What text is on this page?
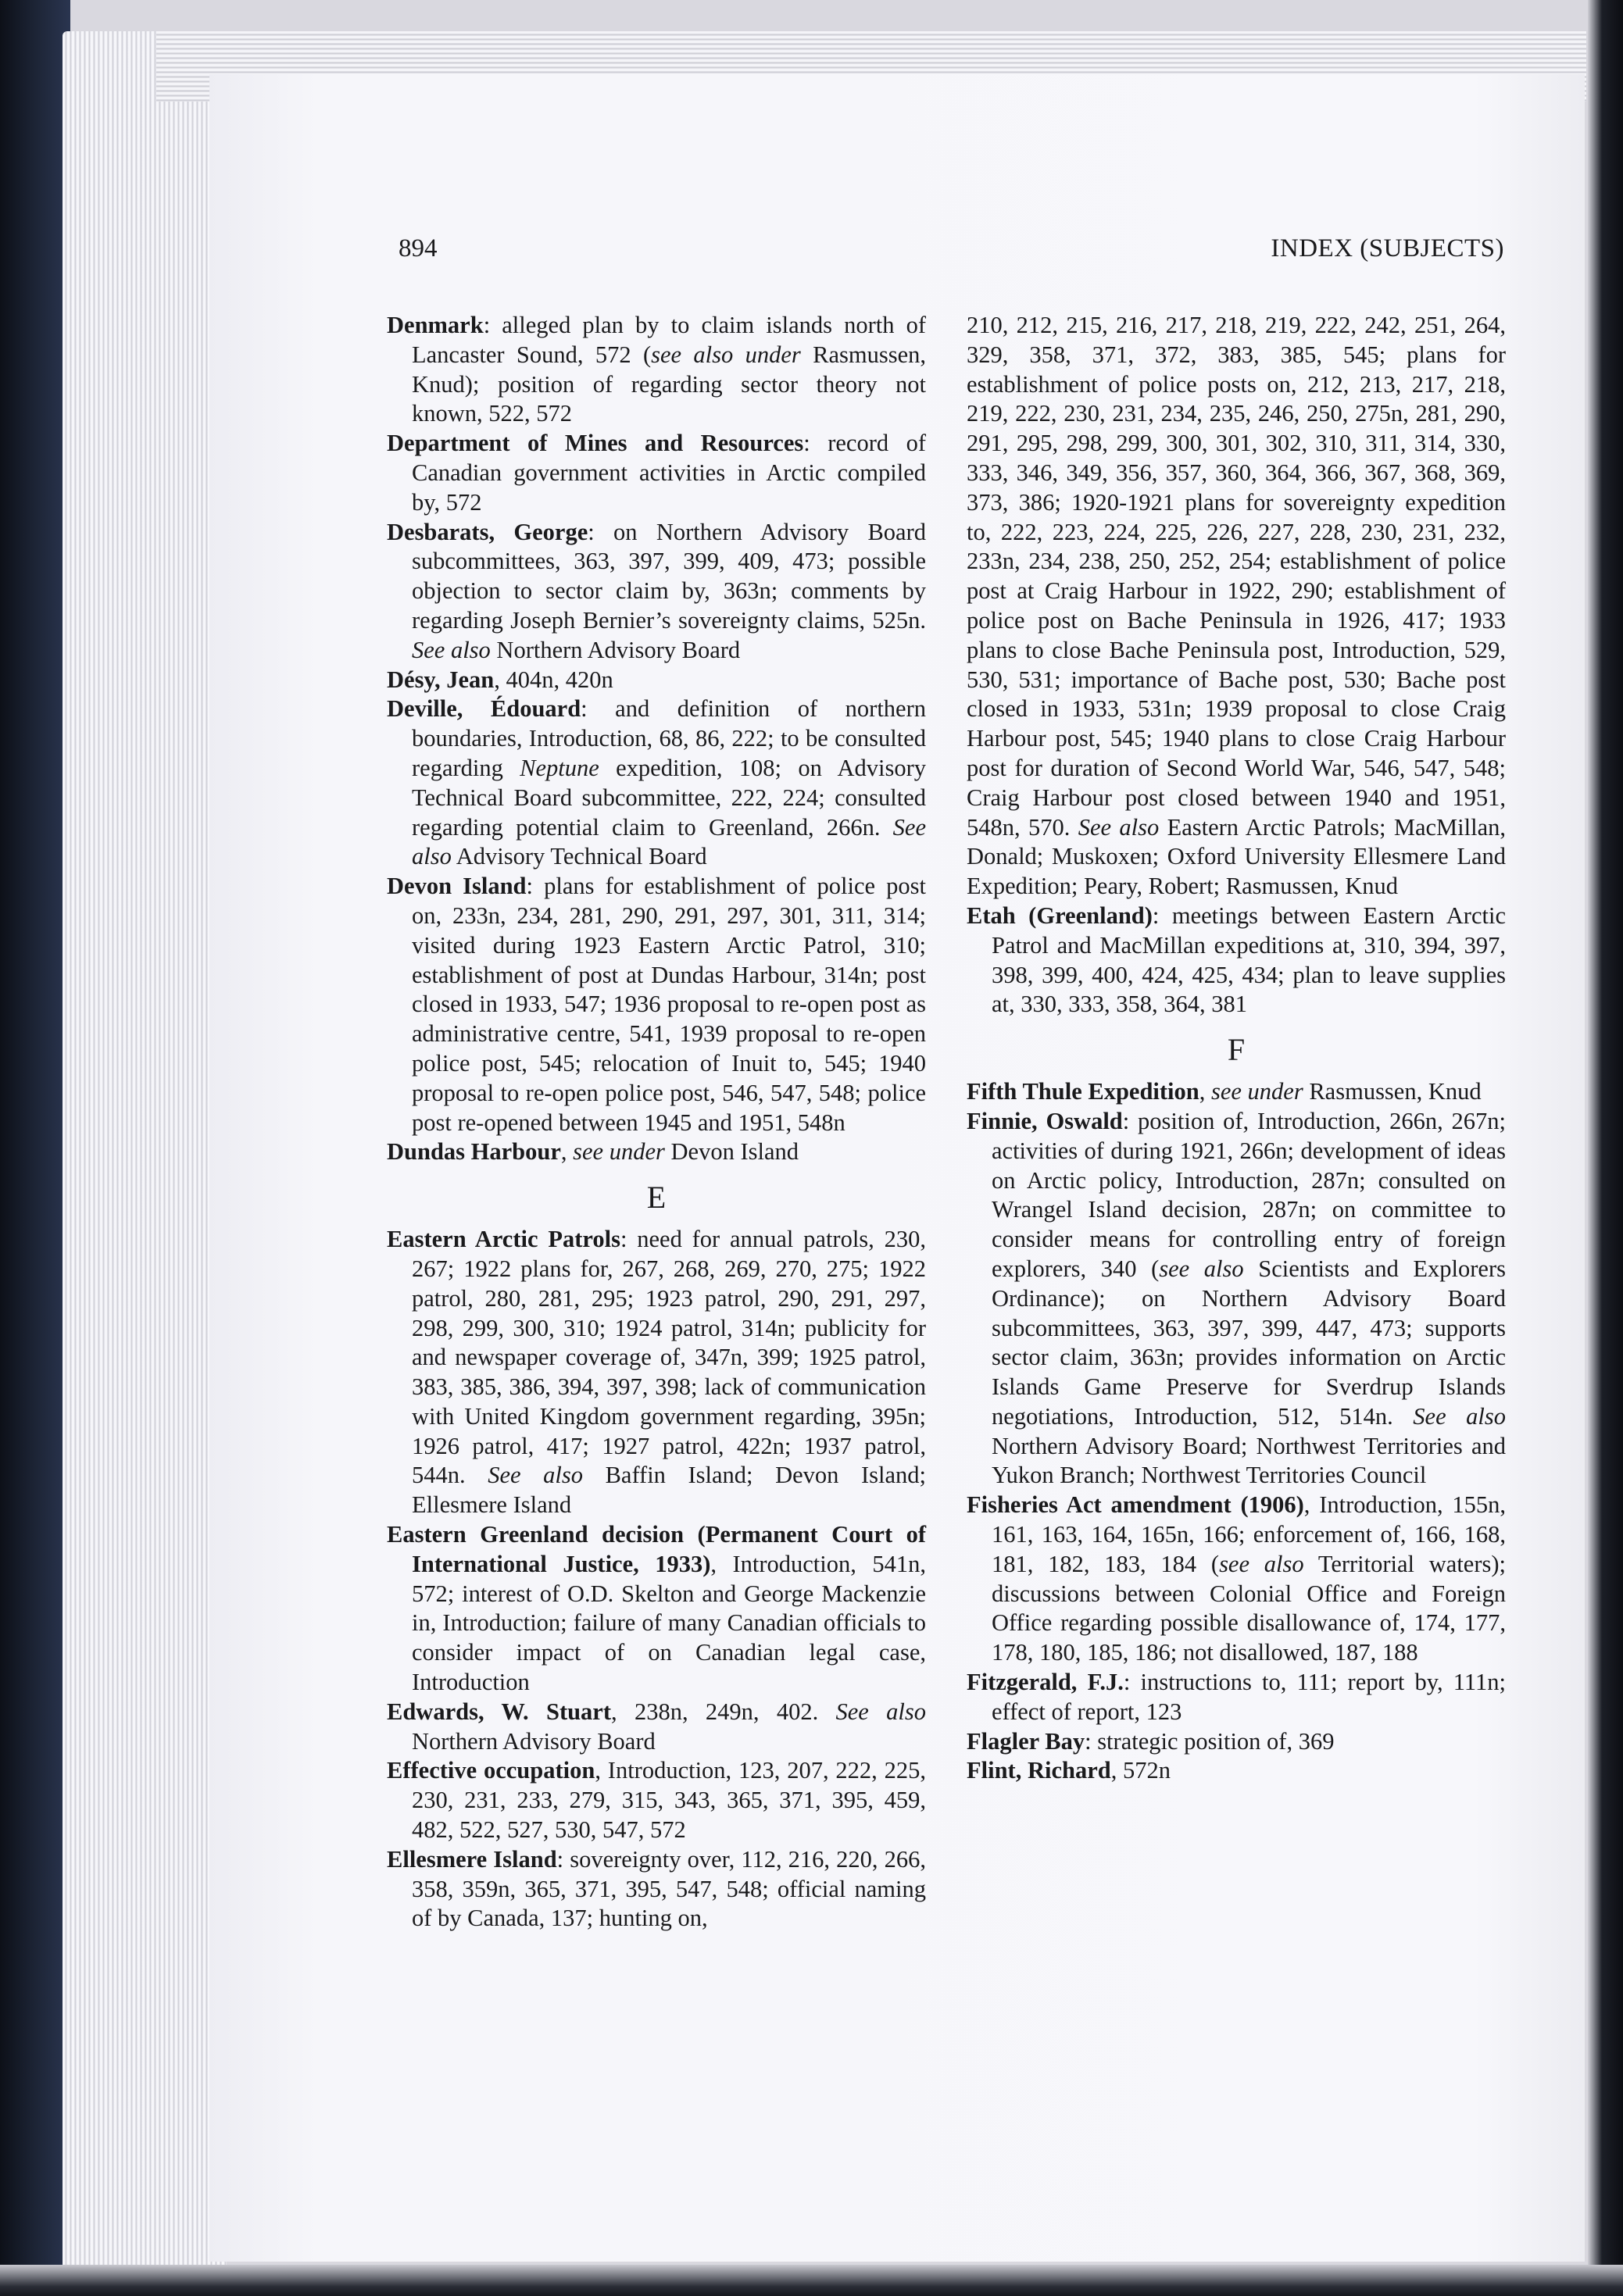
894	INDEX (SUBJECTS)

Denmark: alleged plan by to claim islands north of Lancaster Sound, 572 (see also under Rasmussen, Knud); position of regarding sector theory not known, 522, 572

Department of Mines and Resources: record of Canadian government activities in Arctic compiled by, 572

Desbarats, George: on Northern Advisory Board subcommittees, 363, 397, 399, 409, 473; possible objection to sector claim by, 363n; comments by regarding Joseph Bernier’s sovereignty claims, 525n. See also Northern Advisory Board

Désy, Jean, 404n, 420n

Deville, Édouard: and definition of northern boundaries, Introduction, 68, 86, 222; to be consulted regarding Neptune expedition, 108; on Advisory Technical Board subcommittee, 222, 224; consulted regarding potential claim to Greenland, 266n. See also Advisory Technical Board

Devon Island: plans for establishment of police post on, 233n, 234, 281, 290, 291, 297, 301, 311, 314; visited during 1923 Eastern Arctic Patrol, 310; establishment of post at Dundas Harbour, 314n; post closed in 1933, 547; 1936 proposal to re-open post as administrative centre, 541, 1939 proposal to re-open police post, 545; relocation of Inuit to, 545; 1940 proposal to re-open police post, 546, 547, 548; police post re-opened between 1945 and 1951, 548n

Dundas Harbour, see under Devon Island

E

Eastern Arctic Patrols: need for annual patrols, 230, 267; 1922 plans for, 267, 268, 269, 270, 275; 1922 patrol, 280, 281, 295; 1923 patrol, 290, 291, 297, 298, 299, 300, 310; 1924 patrol, 314n; publicity for and newspaper coverage of, 347n, 399; 1925 patrol, 383, 385, 386, 394, 397, 398; lack of communication with United Kingdom government regarding, 395n; 1926 patrol, 417; 1927 patrol, 422n; 1937 patrol, 544n. See also Baffin Island; Devon Island; Ellesmere Island

Eastern Greenland decision (Permanent Court of International Justice, 1933), Introduction, 541n, 572; interest of O.D. Skelton and George Mackenzie in, Introduction; failure of many Canadian officials to consider impact of on Canadian legal case, Introduction

Edwards, W. Stuart, 238n, 249n, 402. See also Northern Advisory Board

Effective occupation, Introduction, 123, 207, 222, 225, 230, 231, 233, 279, 315, 343, 365, 371, 395, 459, 482, 522, 527, 530, 547, 572

Ellesmere Island: sovereignty over, 112, 216, 220, 266, 358, 359n, 365, 371, 395, 547, 548; official naming of by Canada, 137; hunting on,

210, 212, 215, 216, 217, 218, 219, 222, 242, 251, 264, 329, 358, 371, 372, 383, 385, 545; plans for establishment of police posts on, 212, 213, 217, 218, 219, 222, 230, 231, 234, 235, 246, 250, 275n, 281, 290, 291, 295, 298, 299, 300, 301, 302, 310, 311, 314, 330, 333, 346, 349, 356, 357, 360, 364, 366, 367, 368, 369, 373, 386; 1920-1921 plans for sovereignty expedition to, 222, 223, 224, 225, 226, 227, 228, 230, 231, 232, 233n, 234, 238, 250, 252, 254; establishment of police post at Craig Harbour in 1922, 290; establishment of police post on Bache Peninsula in 1926, 417; 1933 plans to close Bache Peninsula post, Introduction, 529, 530, 531; importance of Bache post, 530; Bache post closed in 1933, 531n; 1939 proposal to close Craig Harbour post, 545; 1940 plans to close Craig Harbour post for duration of Second World War, 546, 547, 548; Craig Harbour post closed between 1940 and 1951, 548n, 570. See also Eastern Arctic Patrols; MacMillan, Donald; Muskoxen; Oxford University Ellesmere Land Expedition; Peary, Robert; Rasmussen, Knud

Etah (Greenland): meetings between Eastern Arctic Patrol and MacMillan expeditions at, 310, 394, 397, 398, 399, 400, 424, 425, 434; plan to leave supplies at, 330, 333, 358, 364, 381

F

Fifth Thule Expedition, see under Rasmussen, Knud

Finnie, Oswald: position of, Introduction, 266n, 267n; activities of during 1921, 266n; development of ideas on Arctic policy, Introduction, 287n; consulted on Wrangel Island decision, 287n; on committee to consider means for controlling entry of foreign explorers, 340 (see also Scientists and Explorers Ordinance); on Northern Advisory Board subcommittees, 363, 397, 399, 447, 473; supports sector claim, 363n; provides information on Arctic Islands Game Preserve for Sverdrup Islands negotiations, Introduction, 512, 514n. See also Northern Advisory Board; Northwest Territories and Yukon Branch; Northwest Territories Council

Fisheries Act amendment (1906), Introduction, 155n, 161, 163, 164, 165n, 166; enforcement of, 166, 168, 181, 182, 183, 184 (see also Territorial waters); discussions between Colonial Office and Foreign Office regarding possible disallowance of, 174, 177, 178, 180, 185, 186; not disallowed, 187, 188

Fitzgerald, F.J.: instructions to, 111; report by, 111n; effect of report, 123

Flagler Bay: strategic position of, 369

Flint, Richard, 572n
